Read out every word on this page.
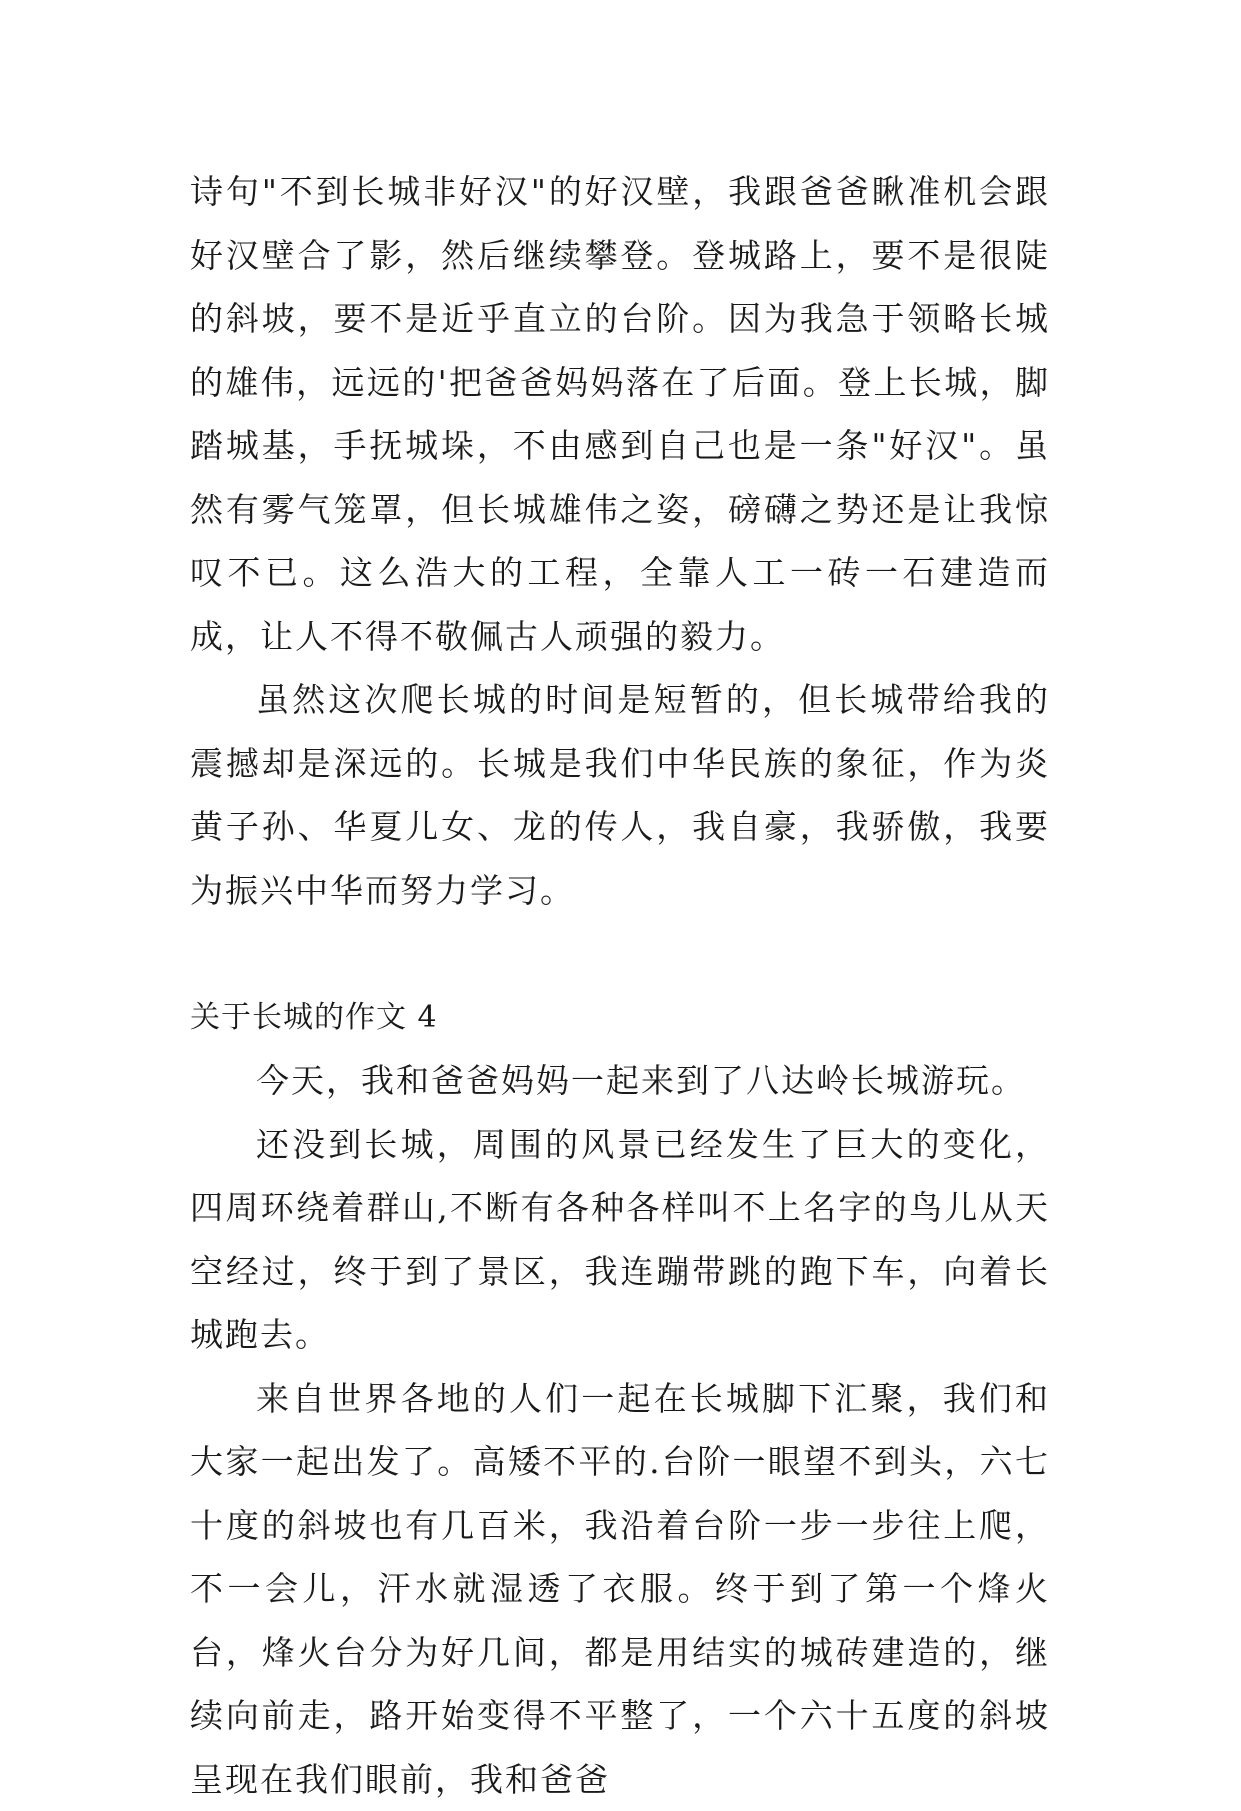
诗句"不到长城非好汉"的好汉壁，我跟爸爸瞅准机会跟好汉壁合了影，然后继续攀登。登城路上，要不是很陡的斜坡，要不是近乎直立的台阶。因为我急于领略长城的雄伟，远远的'把爸爸妈妈落在了后面。登上长城，脚踏城基，手抚城垛，不由感到自己也是一条"好汉"。虽然有雾气笼罩，但长城雄伟之姿，磅礴之势还是让我惊叹不已。这么浩大的工程，全靠人工一砖一石建造而成，让人不得不敬佩古人顽强的毅力。

虽然这次爬长城的时间是短暂的，但长城带给我的震撼却是深远的。长城是我们中华民族的象征，作为炎黄子孙、华夏儿女、龙的传人，我自豪，我骄傲，我要为振兴中华而努力学习。

关于长城的作文 4

今天，我和爸爸妈妈一起来到了八达岭长城游玩。

还没到长城，周围的风景已经发生了巨大的变化，四周环绕着群山,不断有各种各样叫不上名字的鸟儿从天空经过，终于到了景区，我连蹦带跳的跑下车，向着长城跑去。

来自世界各地的人们一起在长城脚下汇聚，我们和大家一起出发了。高矮不平的.台阶一眼望不到头，六七十度的斜坡也有几百米，我沿着台阶一步一步往上爬，不一会儿，汗水就湿透了衣服。终于到了第一个烽火台，烽火台分为好几间，都是用结实的城砖建造的，继续向前走，路开始变得不平整了，一个六十五度的斜坡呈现在我们眼前，我和爸爸
